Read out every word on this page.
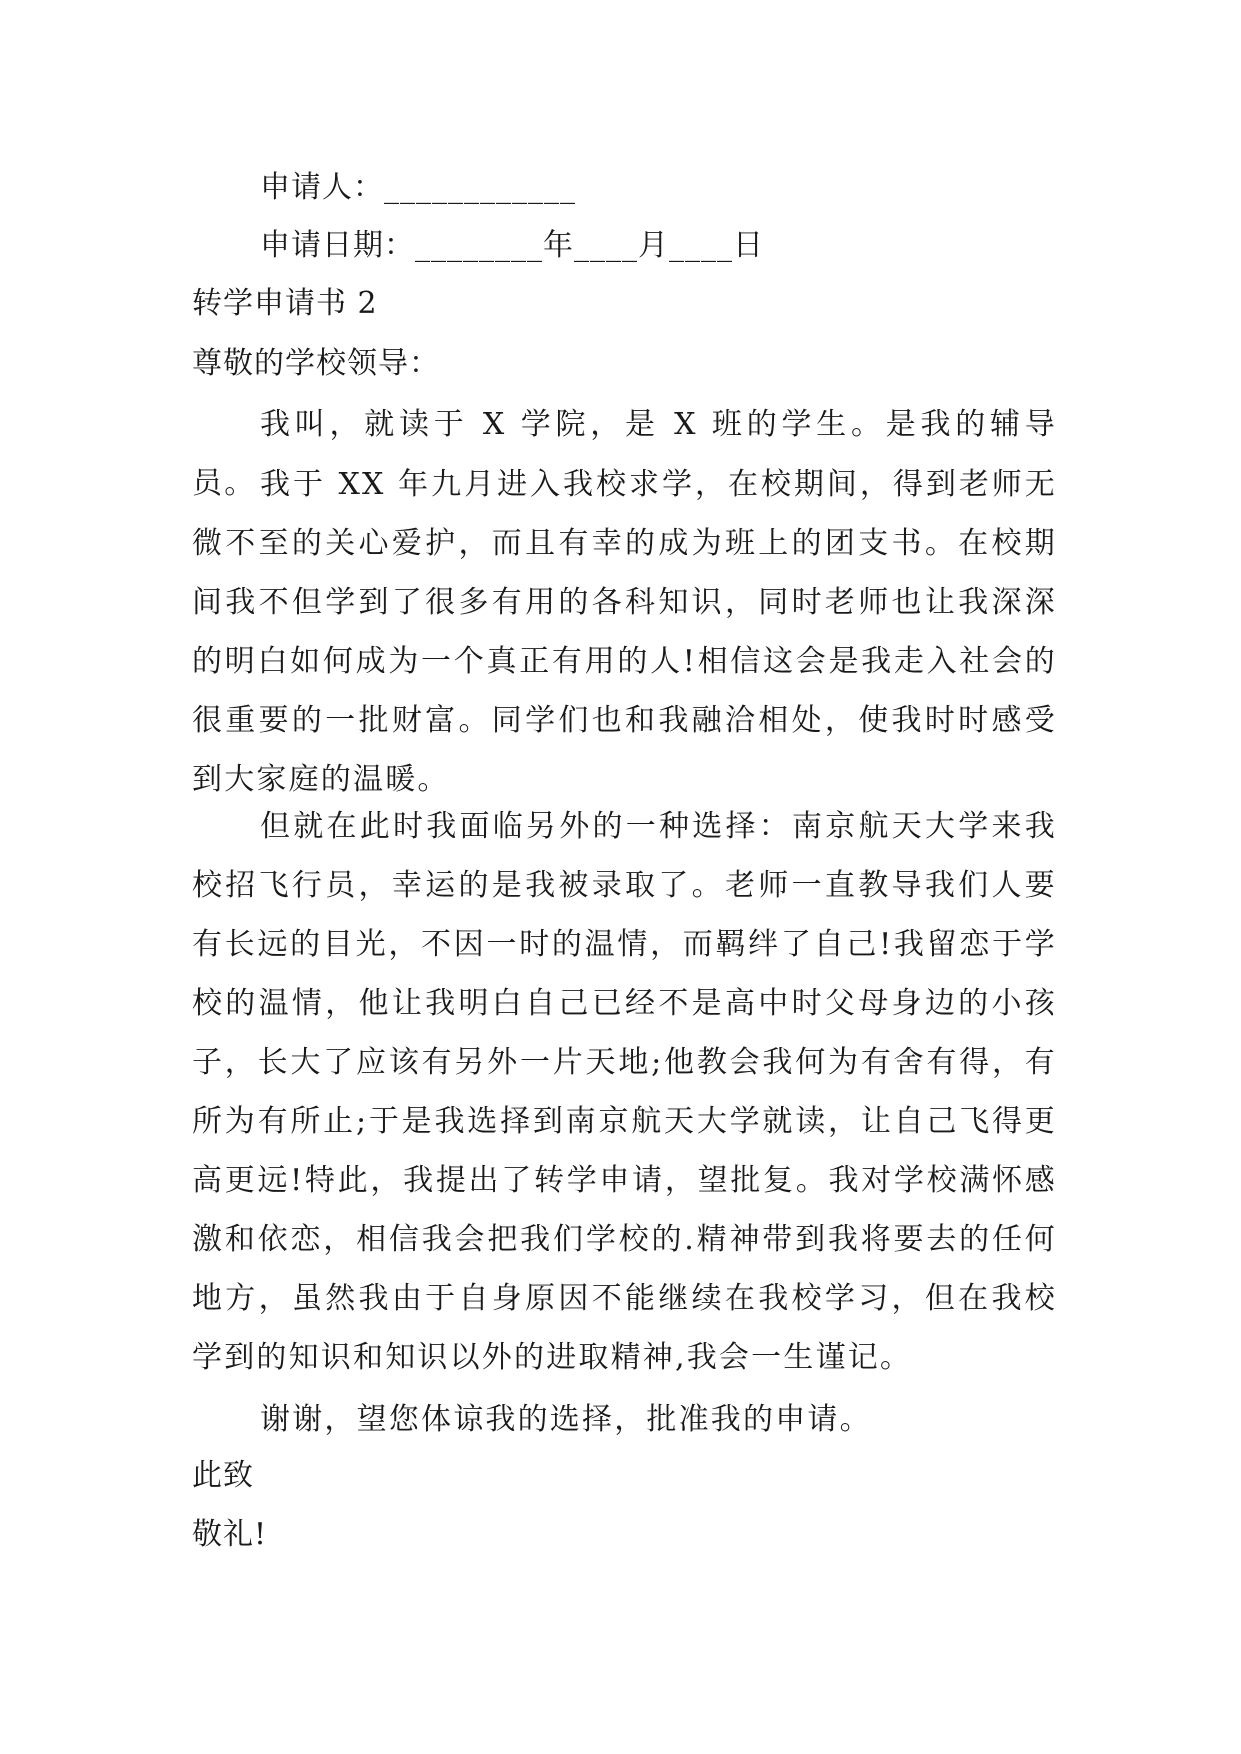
申请人：____________
申请日期：________年____月____日
转学申请书 2
尊敬的学校领导：

我叫，就读于 X 学院，是 X 班的学生。是我的辅导员。 我于 XX 年九月进入我校求学，在校期间，得到老师无微不至的关心爱护，而且有幸的成为班上的团支书。在校期间我不但学到了很多有用的各科知识，同时老师也让我深深的明白如何成为一个真正有用的人!相信这会是我走入社会的很重要的一批财富。同学们也和我融洽相处，使我时时感受到大家庭的温暖。

但就在此时我面临另外的一种选择：南京航天大学来我校招飞行员，幸运的是我被录取了。老师一直教导我们人要有长远的目光，不因一时的温情，而羁绊了自己!我留恋于学校的温情，他让我明白自己已经不是高中时父母身边的小孩子，长大了应该有另外一片天地;他教会我何为有舍有得，有所为有所止;于是我选择到南京航天大学就读，让自己飞得更高更远!特此，我提出了转学申请，望批复。我对学校满怀感激和依恋，相信我会把我们学校的.精神带到我将要去的任何地方，虽然我由于自身原因不能继续在我校学习，但在我校学到的知识和知识以外的进取精神,我会一生谨记。

谢谢，望您体谅我的选择，批准我的申请。

此致
敬礼!
